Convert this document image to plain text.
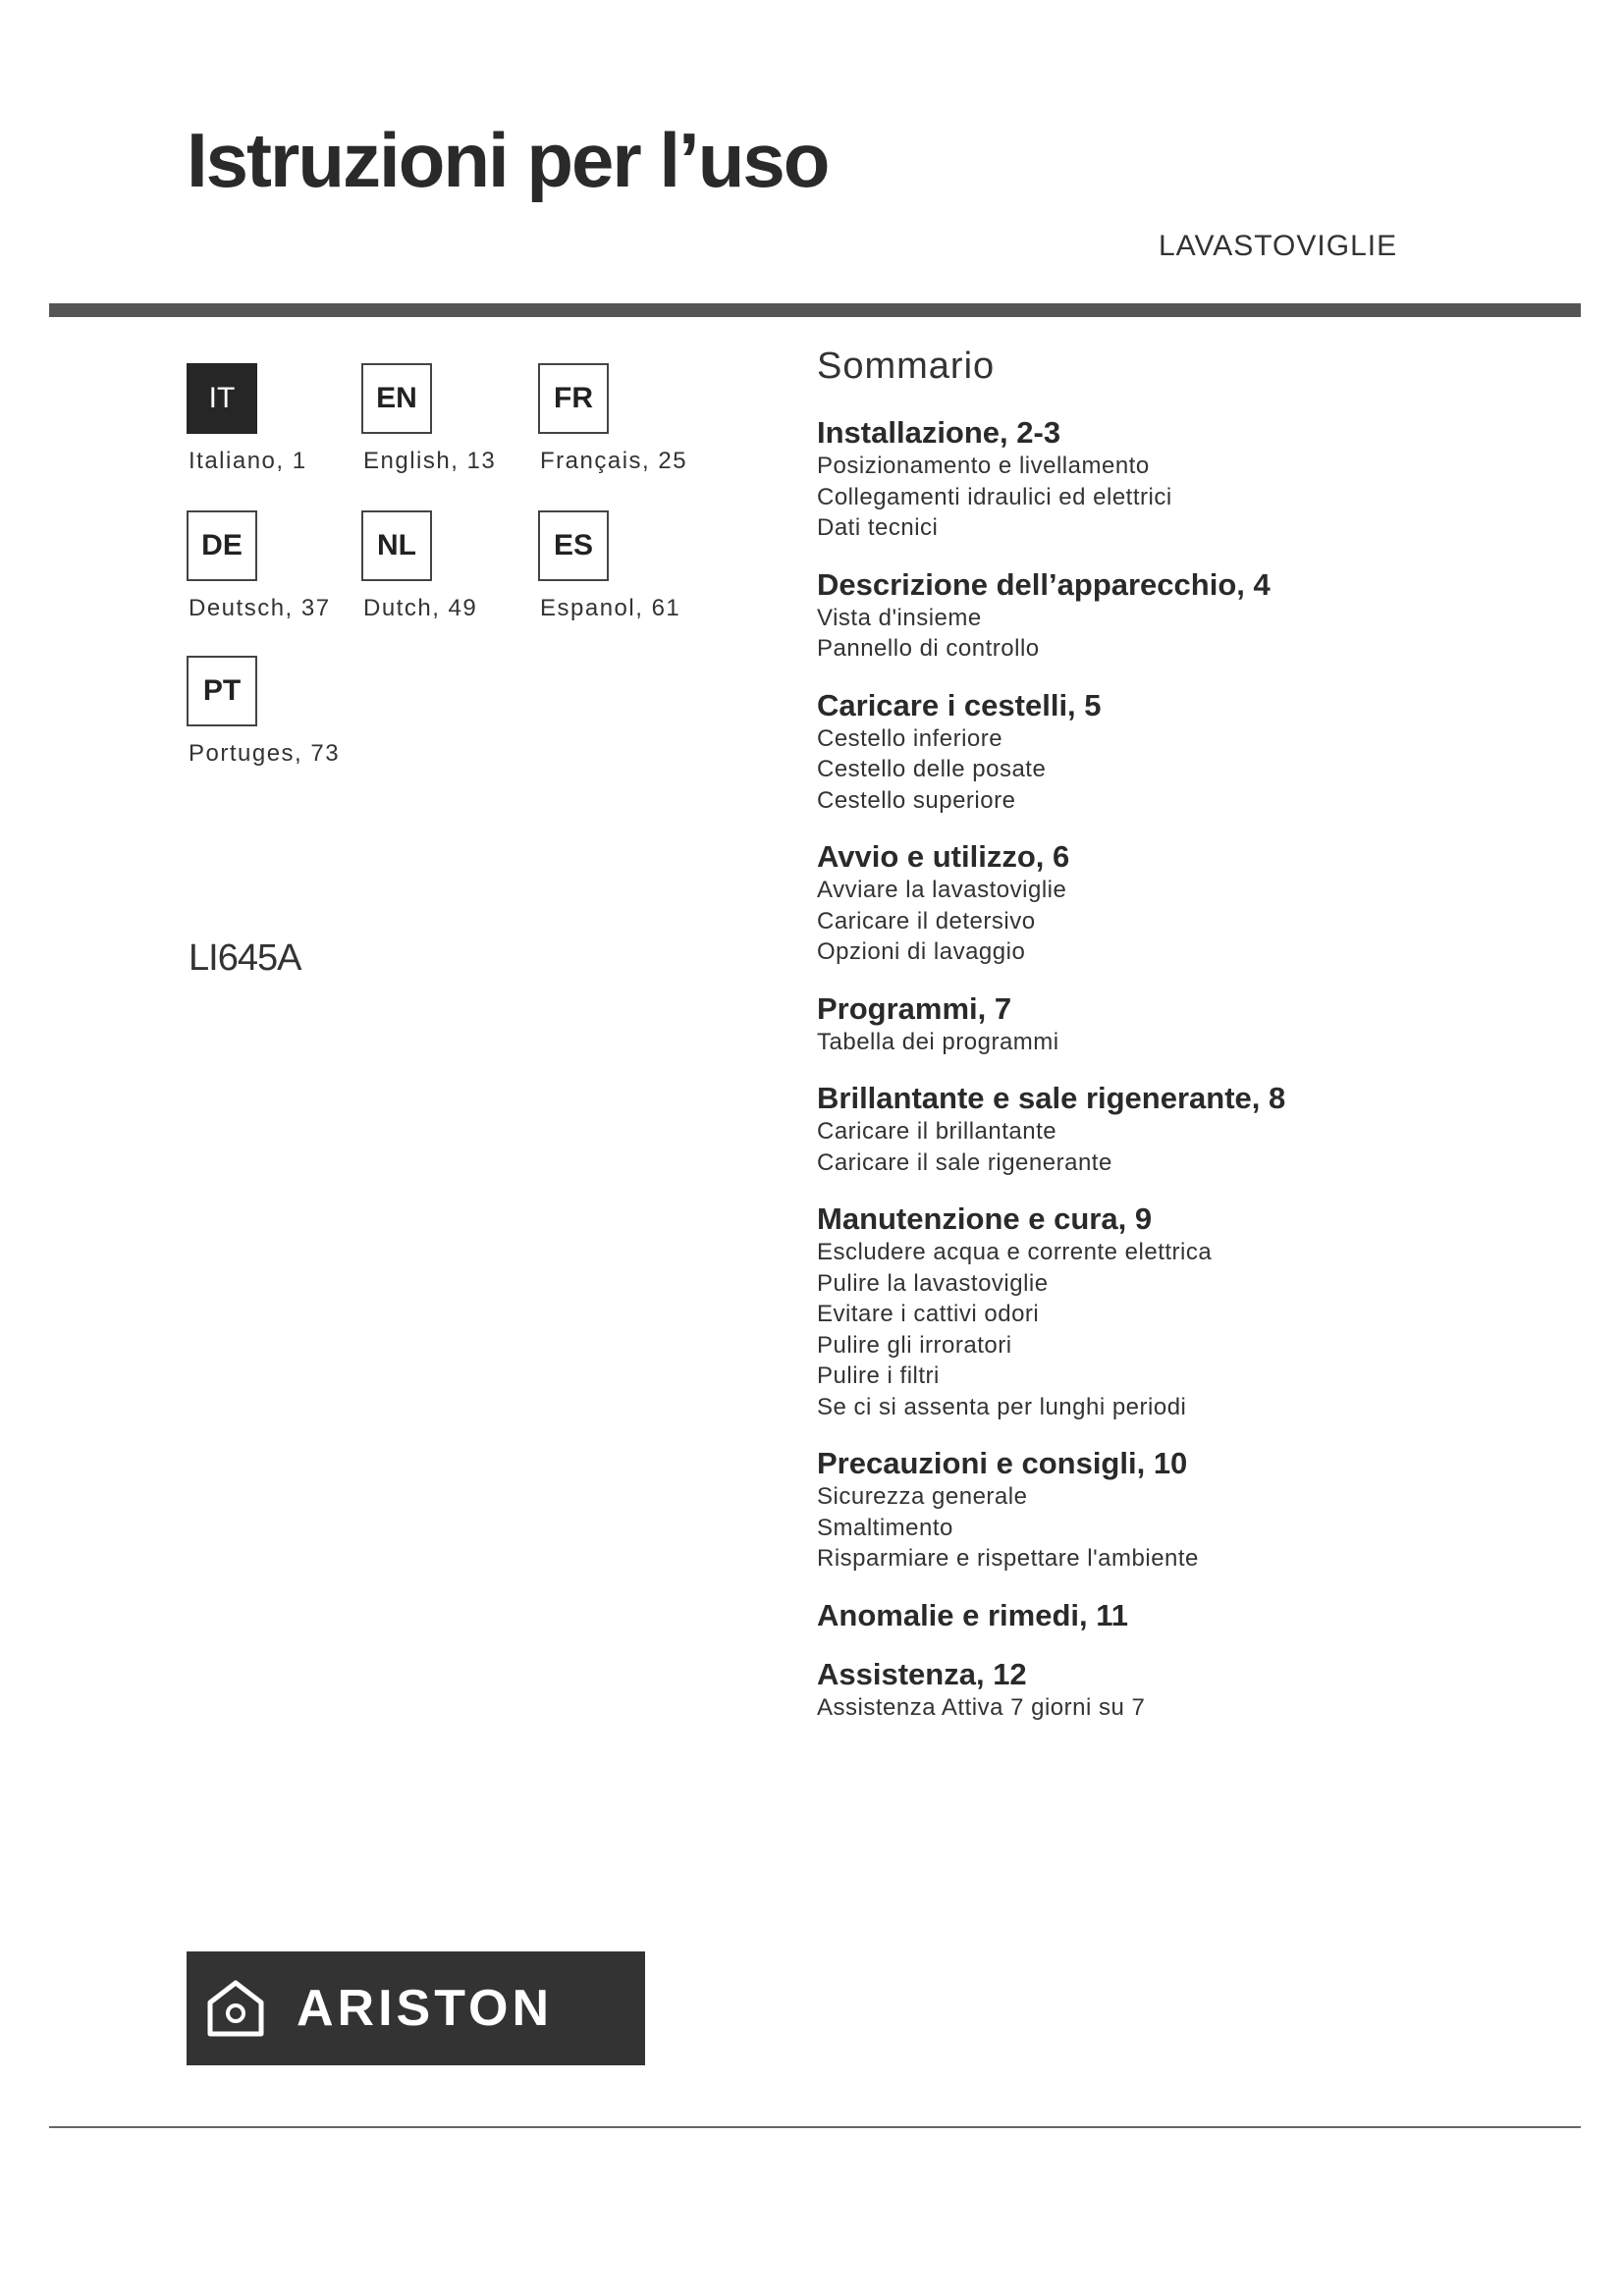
Istruzioni per l’uso
LAVASTOVIGLIE
IT
Italiano, 1
EN
English, 13
FR
Français, 25
DE
Deutsch, 37
NL
Dutch, 49
ES
Espanol, 61
PT
Portuges, 73
LI645A
Sommario
Installazione, 2-3
Posizionamento e livellamento
Collegamenti idraulici ed elettrici
Dati tecnici
Descrizione dell’apparecchio, 4
Vista d'insieme
Pannello di controllo
Caricare i cestelli, 5
Cestello inferiore
Cestello delle posate
Cestello superiore
Avvio e utilizzo, 6
Avviare la lavastoviglie
Caricare il detersivo
Opzioni di lavaggio
Programmi, 7
Tabella dei programmi
Brillantante e sale rigenerante, 8
Caricare il brillantante
Caricare il sale rigenerante
Manutenzione e cura, 9
Escludere acqua e corrente elettrica
Pulire la lavastoviglie
Evitare i cattivi odori
Pulire gli irroratori
Pulire i filtri
Se ci si assenta per lunghi periodi
Precauzioni e consigli, 10
Sicurezza generale
Smaltimento
Risparmiare e rispettare l'ambiente
Anomalie e rimedi, 11
Assistenza, 12
Assistenza Attiva 7 giorni su 7
ARISTON
